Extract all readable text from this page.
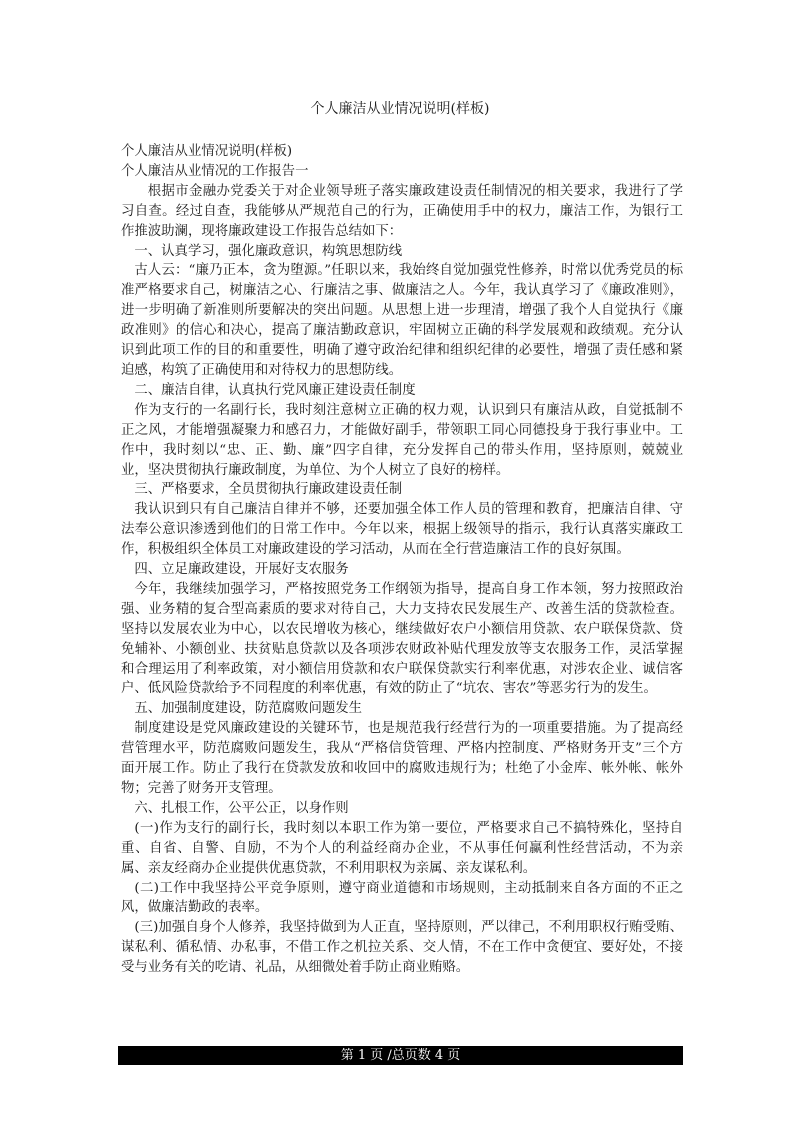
个人廉洁从业情况说明(样板)

个人廉洁从业情况说明(样板)

个人廉洁从业情况的工作报告一

根据市金融办党委关于对企业领导班子落实廉政建设责任制情况的相关要求，我进行了学习自查。经过自查，我能够从严规范自己的行为，正确使用手中的权力，廉洁工作，为银行工作推波助澜，现将廉政建设工作报告总结如下：

一、认真学习，强化廉政意识，构筑思想防线

古人云：“廉乃正本，贪为堕源。”任职以来，我始终自觉加强党性修养，时常以优秀党员的标准严格要求自己，树廉洁之心、行廉洁之事、做廉洁之人。今年，我认真学习了《廉政准则》，进一步明确了新准则所要解决的突出问题。从思想上进一步理清，增强了我个人自觉执行《廉政准则》的信心和决心，提高了廉洁勤政意识，牢固树立正确的科学发展观和政绩观。充分认识到此项工作的目的和重要性，明确了遵守政治纪律和组织纪律的必要性，增强了责任感和紧迫感，构筑了正确使用和对待权力的思想防线。

二、廉洁自律，认真执行党风廉正建设责任制度

作为支行的一名副行长，我时刻注意树立正确的权力观，认识到只有廉洁从政，自觉抵制不正之风，才能增强凝聚力和感召力，才能做好副手，带领职工同心同德投身于我行事业中。工作中，我时刻以“忠、正、勤、廉”四字自律，充分发挥自己的带头作用，坚持原则，兢兢业业，坚决贯彻执行廉政制度，为单位、为个人树立了良好的榜样。

三、严格要求，全员贯彻执行廉政建设责任制

我认识到只有自己廉洁自律并不够，还要加强全体工作人员的管理和教育，把廉洁自律、守法奉公意识渗透到他们的日常工作中。今年以来，根据上级领导的指示，我行认真落实廉政工作，积极组织全体员工对廉政建设的学习活动，从而在全行营造廉洁工作的良好氛围。

四、立足廉政建设，开展好支农服务

今年，我继续加强学习，严格按照党务工作纲领为指导，提高自身工作本领，努力按照政治强、业务精的复合型高素质的要求对待自己，大力支持农民发展生产、改善生活的贷款检查。坚持以发展农业为中心，以农民增收为核心，继续做好农户小额信用贷款、农户联保贷款、贷免辅补、小额创业、扶贫贴息贷款以及各项涉农财政补贴代理发放等支农服务工作，灵活掌握和合理运用了利率政策，对小额信用贷款和农户联保贷款实行利率优惠，对涉农企业、诚信客户、低风险贷款给予不同程度的利率优惠，有效的防止了“坑农、害农”等恶劣行为的发生。

五、加强制度建设，防范腐败问题发生

制度建设是党风廉政建设的关键环节，也是规范我行经营行为的一项重要措施。为了提高经营管理水平，防范腐败问题发生，我从“严格信贷管理、严格内控制度、严格财务开支”三个方面开展工作。防止了我行在贷款发放和收回中的腐败违规行为；杜绝了小金库、帐外帐、帐外物；完善了财务开支管理。

六、扎根工作，公平公正，以身作则

(一)作为支行的副行长，我时刻以本职工作为第一要位，严格要求自己不搞特殊化，坚持自重、自省、自警、自励，不为个人的利益经商办企业，不从事任何赢利性经营活动，不为亲属、亲友经商办企业提供优惠贷款，不利用职权为亲属、亲友谋私利。

(二)工作中我坚持公平竞争原则，遵守商业道德和市场规则，主动抵制来自各方面的不正之风，做廉洁勤政的表率。

(三)加强自身个人修养，我坚持做到为人正直，坚持原则，严以律己，不利用职权行贿受贿、谋私利、循私情、办私事，不借工作之机拉关系、交人情，不在工作中贪便宜、要好处，不接受与业务有关的吃请、礼品，从细微处着手防止商业贿赂。

第 1 页 /总页数 4 页
